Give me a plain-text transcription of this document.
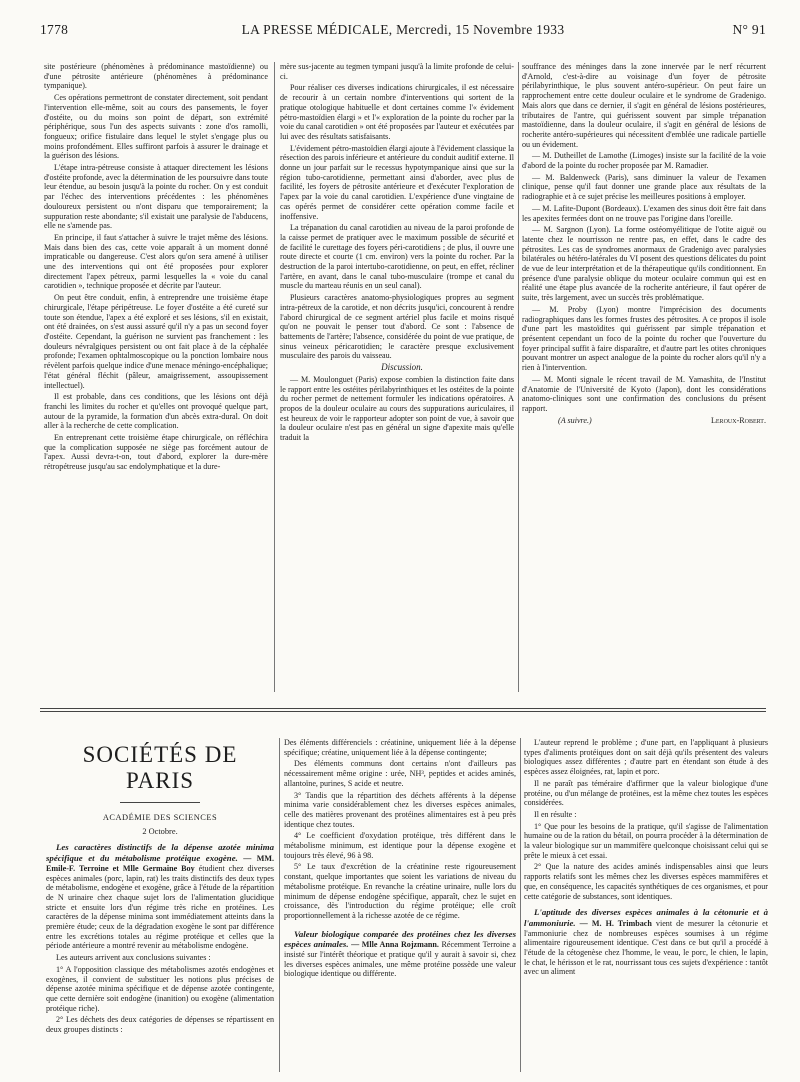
1778	LA PRESSE MÉDICALE, Mercredi, 15 Novembre 1933	N° 91

site postérieure (phénomènes à prédominance mastoïdienne) ou d'une pétrosite antérieure (phénomènes à prédominance tympanique).

Ces opérations permettront de constater directement, soit pendant l'intervention elle-même, soit au cours des pansements, le foyer d'ostéite, ou du moins son point de départ, son extrémité périphérique, sous l'un des aspects suivants : zone d'os ramolli, fongueux; orifice fistulaire dans lequel le stylet s'engage plus ou moins profondément. Elles suffiront parfois à assurer le drainage et la guérison des lésions.

L'étape intra-pétreuse consiste à attaquer directement les lésions d'ostéite profonde, avec la détermination de les poursuivre dans toute leur étendue, au besoin jusqu'à la pointe du rocher. On y est conduit par l'échec des interventions précédentes : les phénomènes douloureux persistent ou n'ont disparu que temporairement; la suppuration reste abondante; s'il existait une paralysie de l'abducens, elle ne s'amende pas.

En principe, il faut s'attacher à suivre le trajet même des lésions. Mais dans bien des cas, cette voie apparaît à un moment donné impraticable ou dangereuse. C'est alors qu'on sera amené à utiliser une des interventions qui ont été proposées pour explorer directement l'apex pétreux, parmi lesquelles la « voie du canal carotidien », technique proposée et décrite par l'auteur.

On peut être conduit, enfin, à entreprendre une troisième étape chirurgicale, l'étape péripétreuse. Le foyer d'ostéite a été cureté sur toute son étendue, l'apex a été exploré et ses lésions, s'il en existait, ont été drainées, on s'est aussi assuré qu'il n'y a pas un second foyer d'ostéite. Cependant, la guérison ne survient pas franchement : les douleurs névralgiques persistent ou ont fait place à de la céphalée profonde; l'examen ophtalmoscopique ou la ponction lombaire nous révèlent parfois quelque indice d'une menace méningo-encéphalique; l'état général fléchit (pâleur, amaigrissement, assoupissement intellectuel).

Il est probable, dans ces conditions, que les lésions ont déjà franchi les limites du rocher et qu'elles ont provoqué quelque part, autour de la pyramide, la formation d'un abcès extra-dural. On doit aller à la recherche de cette complication.

En entreprenant cette troisième étape chirurgicale, on réfléchira que la complication supposée ne siège pas forcément autour de l'apex. Aussi devra-t-on, tout d'abord, explorer la dure-mère rétropétreuse jusqu'au sac endolymphatique et la dure-

mère sus-jacente au tegmen tympani jusqu'à la limite profonde de celui-ci.

Pour réaliser ces diverses indications chirurgicales, il est nécessaire de recourir à un certain nombre d'interventions qui sortent de la pratique otologique habituelle et dont certaines comme l'« évidement pétro-mastoïdien élargi » et l'« exploration de la pointe du rocher par la voie du canal carotidien » ont été proposées par l'auteur et exécutées par lui avec des résultats satisfaisants.

L'évidement pétro-mastoïdien élargi ajoute à l'évidement classique la résection des parois inférieure et antérieure du conduit auditif externe. Il donne un jour parfait sur le recessus hypotympanique ainsi que sur la région tubo-carotidienne, permettant ainsi d'aborder, avec plus de facilité, les foyers de pétrosite antérieure et d'exécuter l'exploration de l'apex par la voie du canal carotidien. L'expérience d'une vingtaine de cas opérés permet de considérer cette opération comme facile et inoffensive.

La trépanation du canal carotidien au niveau de la paroi profonde de la caisse permet de pratiquer avec le maximum possible de sécurité et de facilité le curettage des foyers péri-carotidiens ; de plus, il ouvre une route directe et courte (1 cm. environ) vers la pointe du rocher. Par la destruction de la paroi intertubo-carotidienne, on peut, en effet, récliner l'artère, en avant, dans le canal tubo-musculaire (trompe et canal du muscle du marteau réunis en un seul canal).

Plusieurs caractères anatomo-physiologiques propres au segment intra-pétreux de la carotide, et non décrits jusqu'ici, concourent à rendre l'abord chirurgical de ce segment artériel plus facile et moins risqué qu'on ne pouvait le penser tout d'abord. Ce sont : l'absence de battements de l'artère; l'absence, considérée du point de vue pratique, de sinus veineux péricarotidien; le caractère presque exclusivement musculaire des parois du vaisseau.

Discussion.

— M. Moulonguet (Paris) expose combien la distinction faite dans le rapport entre les ostéites périlabyrinthiques et les ostéites de la pointe du rocher permet de nettement formuler les indications opératoires. A propos de la douleur oculaire au cours des suppurations auriculaires, il est heureux de voir le rapporteur adopter son point de vue, à savoir que la douleur oculaire n'est pas en général un signe d'apexite mais qu'elle traduit la

souffrance des méninges dans la zone innervée par le nerf récurrent d'Arnold, c'est-à-dire au voisinage d'un foyer de pétrosite périlabyrinthique, le plus souvent antéro-supérieur. On peut faire un rapprochement entre cette douleur oculaire et le syndrome de Gradenigo. Mais alors que dans ce dernier, il s'agit en général de lésions postérieures, tributaires de l'antre, qui guérissent souvent par simple trépanation mastoïdienne, dans la douleur oculaire, il s'agit en général de lésions de rocherite antéro-supérieures qui nécessitent d'emblée une radicale partielle ou un évidement.

— M. Dutheillet de Lamothe (Limoges) insiste sur la facilité de la voie d'abord de la pointe du rocher proposée par M. Ramadier.

— M. Baldenweck (Paris), sans diminuer la valeur de l'examen clinique, pense qu'il faut donner une grande place aux résultats de la radiographie et à ce sujet précise les meilleures positions à employer.

— M. Lafite-Dupont (Bordeaux). L'examen des sinus doit être fait dans les apexites fermées dont on ne trouve pas l'origine dans l'oreille.

— M. Sargnon (Lyon). La forme ostéomyélitique de l'otite aiguë ou latente chez le nourrisson ne rentre pas, en effet, dans le cadre des pétrosites. Les cas de syndromes anormaux de Gradenigo avec paralysies bilatérales ou hétéro-latérales du VI posent des questions délicates du point de vue de leur interprétation et de la thérapeutique qu'ils conditionnent. En présence d'une paralysie oblique du moteur oculaire commun qui est en réalité une étape plus avancée de la rocherite antérieure, il faut opérer de suite, très largement, avec un succès très problématique.

— M. Proby (Lyon) montre l'imprécision des documents radiographiques dans les formes frustes des pétrosites. A ce propos il isole d'une part les mastoïdites qui guérissent par simple trépanation et présentent cependant un foco de la pointe du rocher que l'ouverture du foyer principal suffit à faire disparaître, et d'autre part les otites chroniques pouvant montrer un aspect analogue de la pointe du rocher alors qu'il n'y a rien à l'intervention.

— M. Monti signale le récent travail de M. Yamashita, de l'Institut d'Anatomie de l'Université de Kyoto (Japon), dont les considérations anatomo-cliniques sont une confirmation des conclusions du présent rapport.

(A suivre.)	Leroux-Robert.

SOCIÉTÉS DE PARIS
ACADÉMIE DES SCIENCES
2 Octobre.

Les caractères distinctifs de la dépense azotée minima spécifique et du métabolisme protéique exogène. — MM. Emile-F. Terroine et Mlle Germaine Boy étudient chez diverses espèces animales (porc, lapin, rat) les traits distinctifs des deux types de métabolisme, endogène et exogène, grâce à l'étude de la répartition de N urinaire chez chaque sujet lors de l'alimentation glucidique stricte et ensuite lors d'un régime très riche en protéines. Les caractères de la dépense minima sont immédiatement atteints dans la première étude; ceux de la dégradation exogène le sont par différence entre les excrétions totales au régime protéique et celles que la période antérieure a montré revenir au métabolisme endogène.

Les auteurs arrivent aux conclusions suivantes :

1° A l'opposition classique des métabolismes azotés endogènes et exogènes, il convient de substituer les notions plus précises de dépense azotée minima spécifique et de dépense azotée contingente, que cette dernière soit endogène (inanition) ou exogène (alimentation protéique riche).

2° Les déchets des deux catégories de dépenses se répartissent en deux groupes distincts :

Des éléments différenciels : créatinine, uniquement liée à la dépense spécifique; créatine, uniquement liée à la dépense contingente;

Des éléments communs dont certains n'ont d'ailleurs pas nécessairement même origine : urée, NH³, peptides et acides aminés, allantoïne, purines, S acide et neutre.

3° Tandis que la répartition des déchets afférents à la dépense minima varie considérablement chez les diverses espèces animales, celle des matières provenant des protéines alimentaires est à peu près identique chez toutes.

4° Le coefficient d'oxydation protéique, très différent dans le métabolisme minimum, est identique pour la dépense exogène et toujours très élevé, 96 à 98.

5° Le taux d'excrétion de la créatinine reste rigoureusement constant, quelque importantes que soient les variations de niveau du métabolisme protéique. En revanche la créatine urinaire, nulle lors du minimum de dépense endogène spécifique, apparaît, chez le sujet en croissance, dès l'introduction du régime protéique; elle croît proportionnellement à la richesse azotée de ce régime.

Valeur biologique comparée des protéines chez les diverses espèces animales. — Mlle Anna Rojzmann. Récemment Terroine a insisté sur l'intérêt théorique et pratique qu'il y aurait à savoir si, chez les diverses espèces animales, une même protéine possède une valeur biologique identique ou différente.

L'auteur reprend le problème ; d'une part, en l'appliquant à plusieurs types d'aliments protéiques dont on sait déjà qu'ils présentent des valeurs biologiques assez différentes ; d'autre part en étendant son étude à des espèces assez éloignées, rat, lapin et porc.

Il ne paraît pas téméraire d'affirmer que la valeur biologique d'une protéine, ou d'un mélange de protéines, est la même chez toutes les espèces considérées.

Il en résulte :

1° Que pour les besoins de la pratique, qu'il s'agisse de l'alimentation humaine ou de la ration du bétail, on pourra procéder à la détermination de la valeur biologique sur un mammifère quelconque choisissant celui qui se prête le mieux à cet essai.

2° Que la nature des acides aminés indispensables ainsi que leurs rapports relatifs sont les mêmes chez les diverses espèces mammifères et que, en conséquence, les capacités synthétiques de ces organismes, et pour cette catégorie de substances, sont identiques.

L'aptitude des diverses espèces animales à la cétonurie et à l'ammoniurie. — M. H. Trimbach vient de mesurer la cétonurie et l'ammoniurie chez de nombreuses espèces soumises à un régime alimentaire rigoureusement identique. C'est dans ce but qu'il a procédé à l'étude de la cétogenèse chez l'homme, le veau, le porc, le chien, le lapin, le chat, le hérisson et le rat, nourrissant tous ces sujets d'expérience : tantôt avec un aliment
